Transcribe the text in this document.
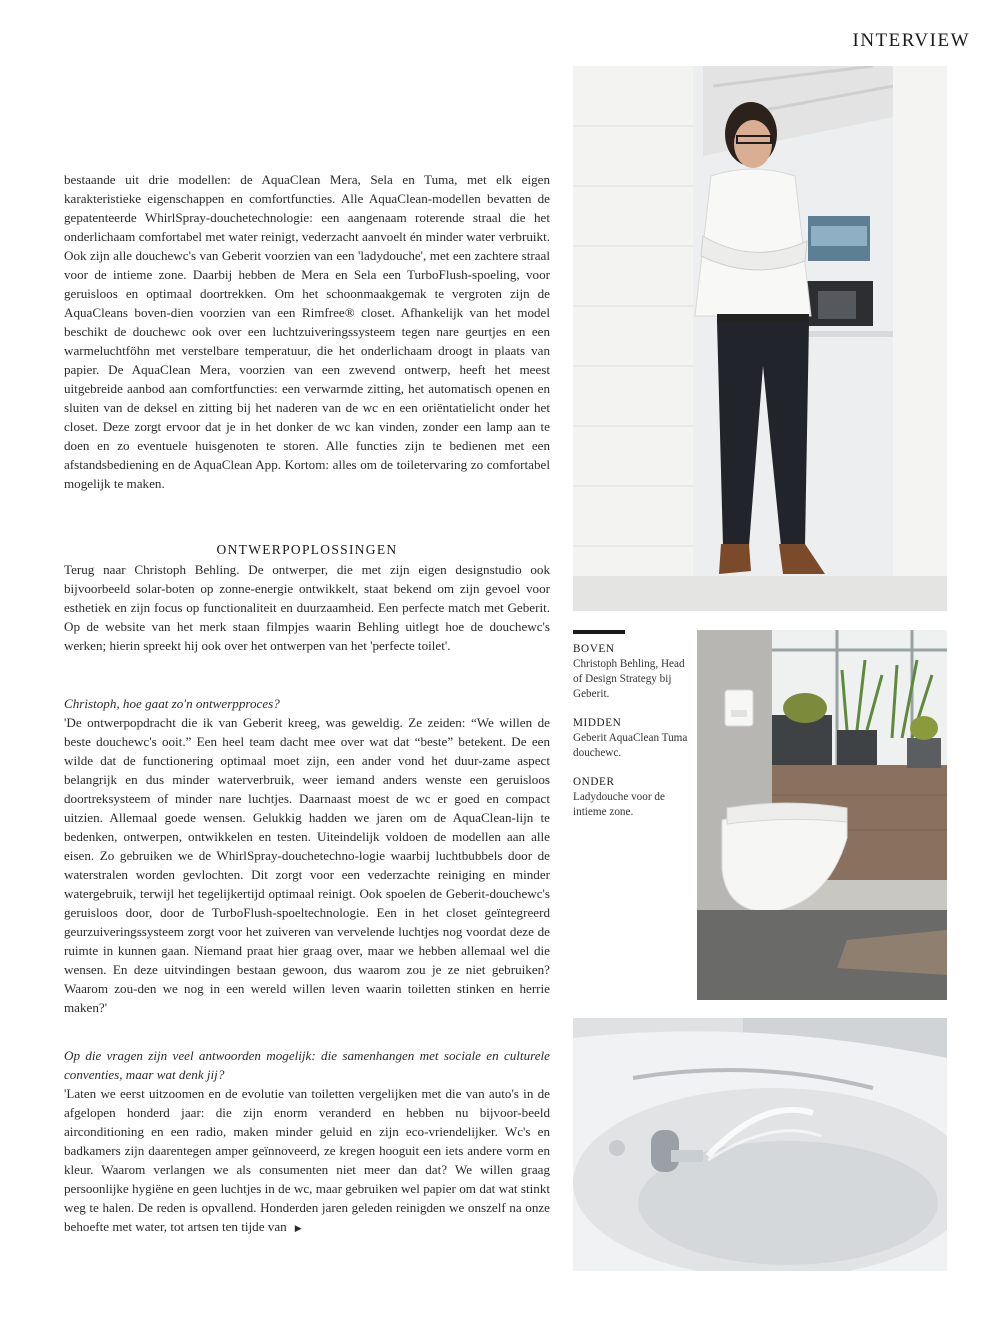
INTERVIEW

bestaande uit drie modellen: de AquaClean Mera, Sela en Tuma, met elk eigen karakteristieke eigenschappen en comfortfuncties. Alle AquaClean-modellen bevatten de gepatenteerde WhirlSpray-douchetechnologie: een aangenaam roterende straal die het onderlichaam comfortabel met water reinigt, vederzacht aanvoelt én minder water verbruikt. Ook zijn alle douchewc's van Geberit voorzien van een 'ladydouche', met een zachtere straal voor de intieme zone. Daarbij hebben de Mera en Sela een TurboFlush-spoeling, voor geruisloos en optimaal doortrekken. Om het schoonmaakgemak te vergroten zijn de AquaCleans boven-dien voorzien van een Rimfree® closet. Afhankelijk van het model beschikt de douchewc ook over een luchtzuiveringssysteem tegen nare geurtjes en een warmeluchtföhn met verstelbare temperatuur, die het onderlichaam droogt in plaats van papier. De AquaClean Mera, voorzien van een zwevend ontwerp, heeft het meest uitgebreide aanbod aan comfortfuncties: een verwarmde zitting, het automatisch openen en sluiten van de deksel en zitting bij het naderen van de wc en een oriëntatielicht onder het closet. Deze zorgt ervoor dat je in het donker de wc kan vinden, zonder een lamp aan te doen en zo eventuele huisgenoten te storen. Alle functies zijn te bedienen met een afstandsbediening en de AquaClean App. Kortom: alles om de toiletervaring zo comfortabel mogelijk te maken.

ONTWERPOPLOSSINGEN

Terug naar Christoph Behling. De ontwerper, die met zijn eigen designstudio ook bijvoorbeeld solar-boten op zonne-energie ontwikkelt, staat bekend om zijn gevoel voor esthetiek en zijn focus op functionaliteit en duurzaamheid. Een perfecte match met Geberit. Op de website van het merk staan filmpjes waarin Behling uitlegt hoe de douchewc's werken; hierin spreekt hij ook over het ontwerpen van het 'perfecte toilet'.

Christoph, hoe gaat zo'n ontwerpproces?

'De ontwerpopdracht die ik van Geberit kreeg, was geweldig. Ze zeiden: “We willen de beste douchewc's ooit.” Een heel team dacht mee over wat dat “beste” betekent. De een wilde dat de functionering optimaal moet zijn, een ander vond het duur-zame aspect belangrijk en dus minder waterverbruik, weer iemand anders wenste een geruisloos doortreksysteem of minder nare luchtjes. Daarnaast moest de wc er goed en compact uitzien. Allemaal goede wensen. Gelukkig hadden we jaren om de AquaClean-lijn te bedenken, ontwerpen, ontwikkelen en testen. Uiteindelijk voldoen de modellen aan alle eisen. Zo gebruiken we de WhirlSpray-douchetechno-logie waarbij luchtbubbels door de waterstralen worden gevlochten. Dit zorgt voor een vederzachte reiniging en minder watergebruik, terwijl het tegelijkertijd optimaal reinigt. Ook spoelen de Geberit-douchewc's geruisloos door, door de TurboFlush-spoeltechnologie. Een in het closet geïntegreerd geurzuiveringssysteem zorgt voor het zuiveren van vervelende luchtjes nog voordat deze de ruimte in kunnen gaan. Niemand praat hier graag over, maar we hebben allemaal wel die wensen. En deze uitvindingen bestaan gewoon, dus waarom zou je ze niet gebruiken? Waarom zou-den we nog in een wereld willen leven waarin toiletten stinken en herrie maken?'

Op die vragen zijn veel antwoorden mogelijk: die samenhangen met sociale en culturele conventies, maar wat denk jij?

'Laten we eerst uitzoomen en de evolutie van toiletten vergelijken met die van auto's in de afgelopen honderd jaar: die zijn enorm veranderd en hebben nu bijvoor-beeld airconditioning en een radio, maken minder geluid en zijn eco-vriendelijker. Wc's en badkamers zijn daarentegen amper geïnnoveerd, ze kregen hooguit een iets andere vorm en kleur. Waarom verlangen we als consumenten niet meer dan dat? We willen graag persoonlijke hygiëne en geen luchtjes in de wc, maar gebruiken wel papier om dat wat stinkt weg te halen. De reden is opvallend. Honderden jaren geleden reinigden we onszelf na onze behoefte met water, tot artsen ten tijde van ▶

BOVEN
Christoph Behling, Head of Design Strategy bij Geberit.
MIDDEN
Geberit AquaClean Tuma douchewc.
ONDER
Ladydouche voor de intieme zone.
